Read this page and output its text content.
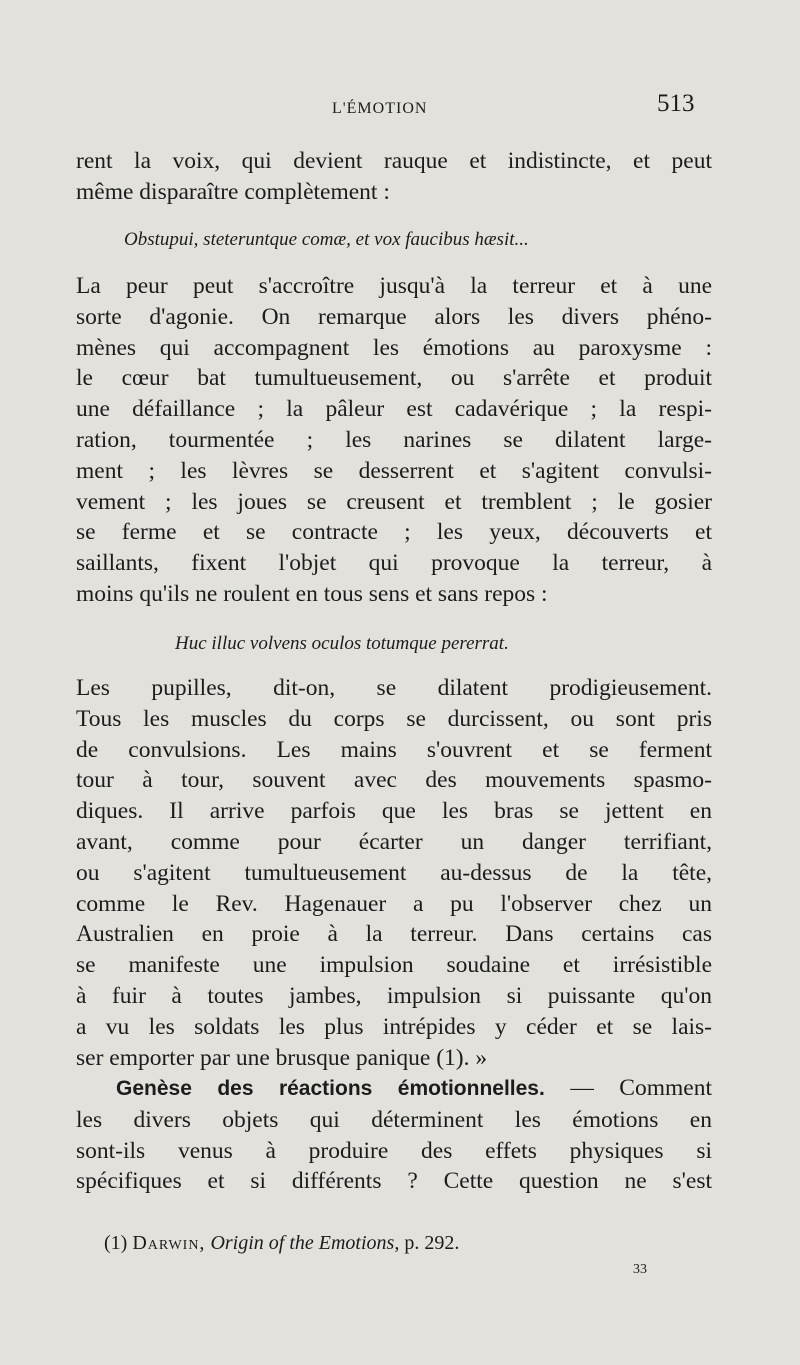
L'ÉMOTION	513
rent la voix, qui devient rauque et indistincte, et peut
même disparaître complètement :
Obstupui, steteruntque comæ, et vox faucibus hæsit...
La peur peut s'accroître jusqu'à la terreur et à une
sorte d'agonie. On remarque alors les divers phéno-
mènes qui accompagnent les émotions au paroxysme :
le cœur bat tumultueusement, ou s'arrête et produit
une défaillance ; la pâleur est cadavérique ; la respi-
ration, tourmentée ; les narines se dilatent large-
ment ; les lèvres se desserrent et s'agitent convulsi-
vement ; les joues se creusent et tremblent ; le gosier
se ferme et se contracte ; les yeux, découverts et
saillants, fixent l'objet qui provoque la terreur, à
moins qu'ils ne roulent en tous sens et sans repos :
Huc illuc volvens oculos totumque pererrat.
Les pupilles, dit-on, se dilatent prodigieusement.
Tous les muscles du corps se durcissent, ou sont pris
de convulsions. Les mains s'ouvrent et se ferment
tour à tour, souvent avec des mouvements spasmo-
diques. Il arrive parfois que les bras se jettent en
avant, comme pour écarter un danger terrifiant,
ou s'agitent tumultueusement au-dessus de la tête,
comme le Rev. Hagenauer a pu l'observer chez un
Australien en proie à la terreur. Dans certains cas
se manifeste une impulsion soudaine et irrésistible
à fuir à toutes jambes, impulsion si puissante qu'on
a vu les soldats les plus intrépides y céder et se lais-
ser emporter par une brusque panique (1). »
Genèse des réactions émotionnelles. — Comment
les divers objets qui déterminent les émotions en
sont-ils venus à produire des effets physiques si
spécifiques et si différents ? Cette question ne s'est
(1) Darwin, Origin of the Emotions, p. 292.
33
